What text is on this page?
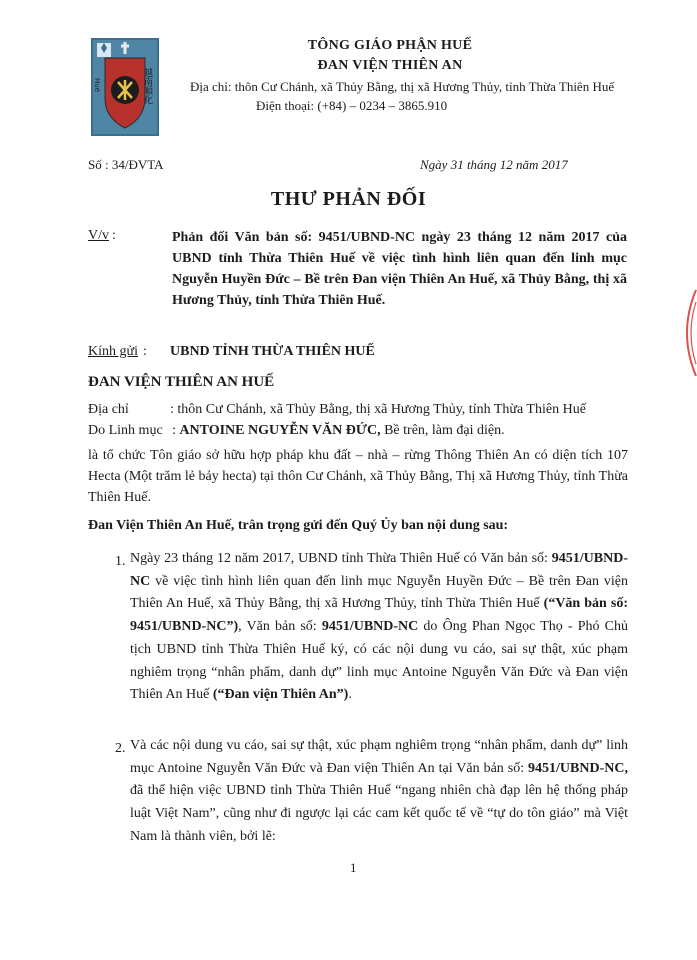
越南順化
Hué
TÔNG GIÁO PHẬN HUẾ
ĐAN VIỆN THIÊN AN
Địa chỉ: thôn Cư Chánh, xã Thủy Bằng, thị xã Hương Thủy, tỉnh Thừa Thiên Huế
Điện thoại: (+84) – 0234 – 3865.910
Số : 34/ĐVTA	Ngày 31 tháng 12 năm 2017
THƯ PHẢN ĐỐI
V/v :	Phản đối Văn bản số: 9451/UBND-NC ngày 23 tháng 12 năm 2017 của UBND tỉnh Thừa Thiên Huế về việc tình hình liên quan đến linh mục Nguyễn Huyền Đức – Bề trên Đan viện Thiên An Huế, xã Thủy Bằng, thị xã Hương Thủy, tỉnh Thừa Thiên Huế.
Kính gửi : UBND TỈNH THỪA THIÊN HUẾ
ĐAN VIỆN THIÊN AN HUẾ
Địa chỉ	: thôn Cư Chánh, xã Thủy Bằng, thị xã Hương Thủy, tỉnh Thừa Thiên Huế
Do Linh mục : ANTOINE NGUYỄN VĂN ĐỨC, Bề trên, làm đại diện.
là tổ chức Tôn giáo sở hữu hợp pháp khu đất – nhà – rừng Thông Thiên An có diện tích 107 Hecta (Một trăm lẻ bảy hecta) tại thôn Cư Chánh, xã Thủy Bằng, Thị xã Hương Thủy, tỉnh Thừa Thiên Huế.
Đan Viện Thiên An Huế, trân trọng gửi đến Quý Ủy ban nội dung sau:
1. Ngày 23 tháng 12 năm 2017, UBND tỉnh Thừa Thiên Huế có Văn bản số: 9451/UBND-NC về việc tình hình liên quan đến linh mục Nguyễn Huyền Đức – Bề trên Đan viện Thiên An Huế, xã Thủy Bằng, thị xã Hương Thủy, tỉnh Thừa Thiên Huế (“Văn bản số: 9451/UBND-NC”), Văn bản số: 9451/UBND-NC do Ông Phan Ngọc Thọ - Phó Chủ tịch UBND tỉnh Thừa Thiên Huế ký, có các nội dung vu cáo, sai sự thật, xúc phạm nghiêm trọng “nhân phẩm, danh dự” linh mục Antoine Nguyễn Văn Đức và Đan viện Thiên An Huế (“Đan viện Thiên An”).
2. Và các nội dung vu cáo, sai sự thật, xúc phạm nghiêm trọng “nhân phẩm, danh dự” linh mục Antoine Nguyễn Văn Đức và Đan viện Thiên An tại Văn bản số: 9451/UBND-NC, đã thể hiện việc UBND tỉnh Thừa Thiên Huế “ngang nhiên chà đạp lên hệ thống pháp luật Việt Nam”, cũng như đi ngược lại các cam kết quốc tế về “tự do tôn giáo” mà Việt Nam là thành viên, bởi lẽ:
1
